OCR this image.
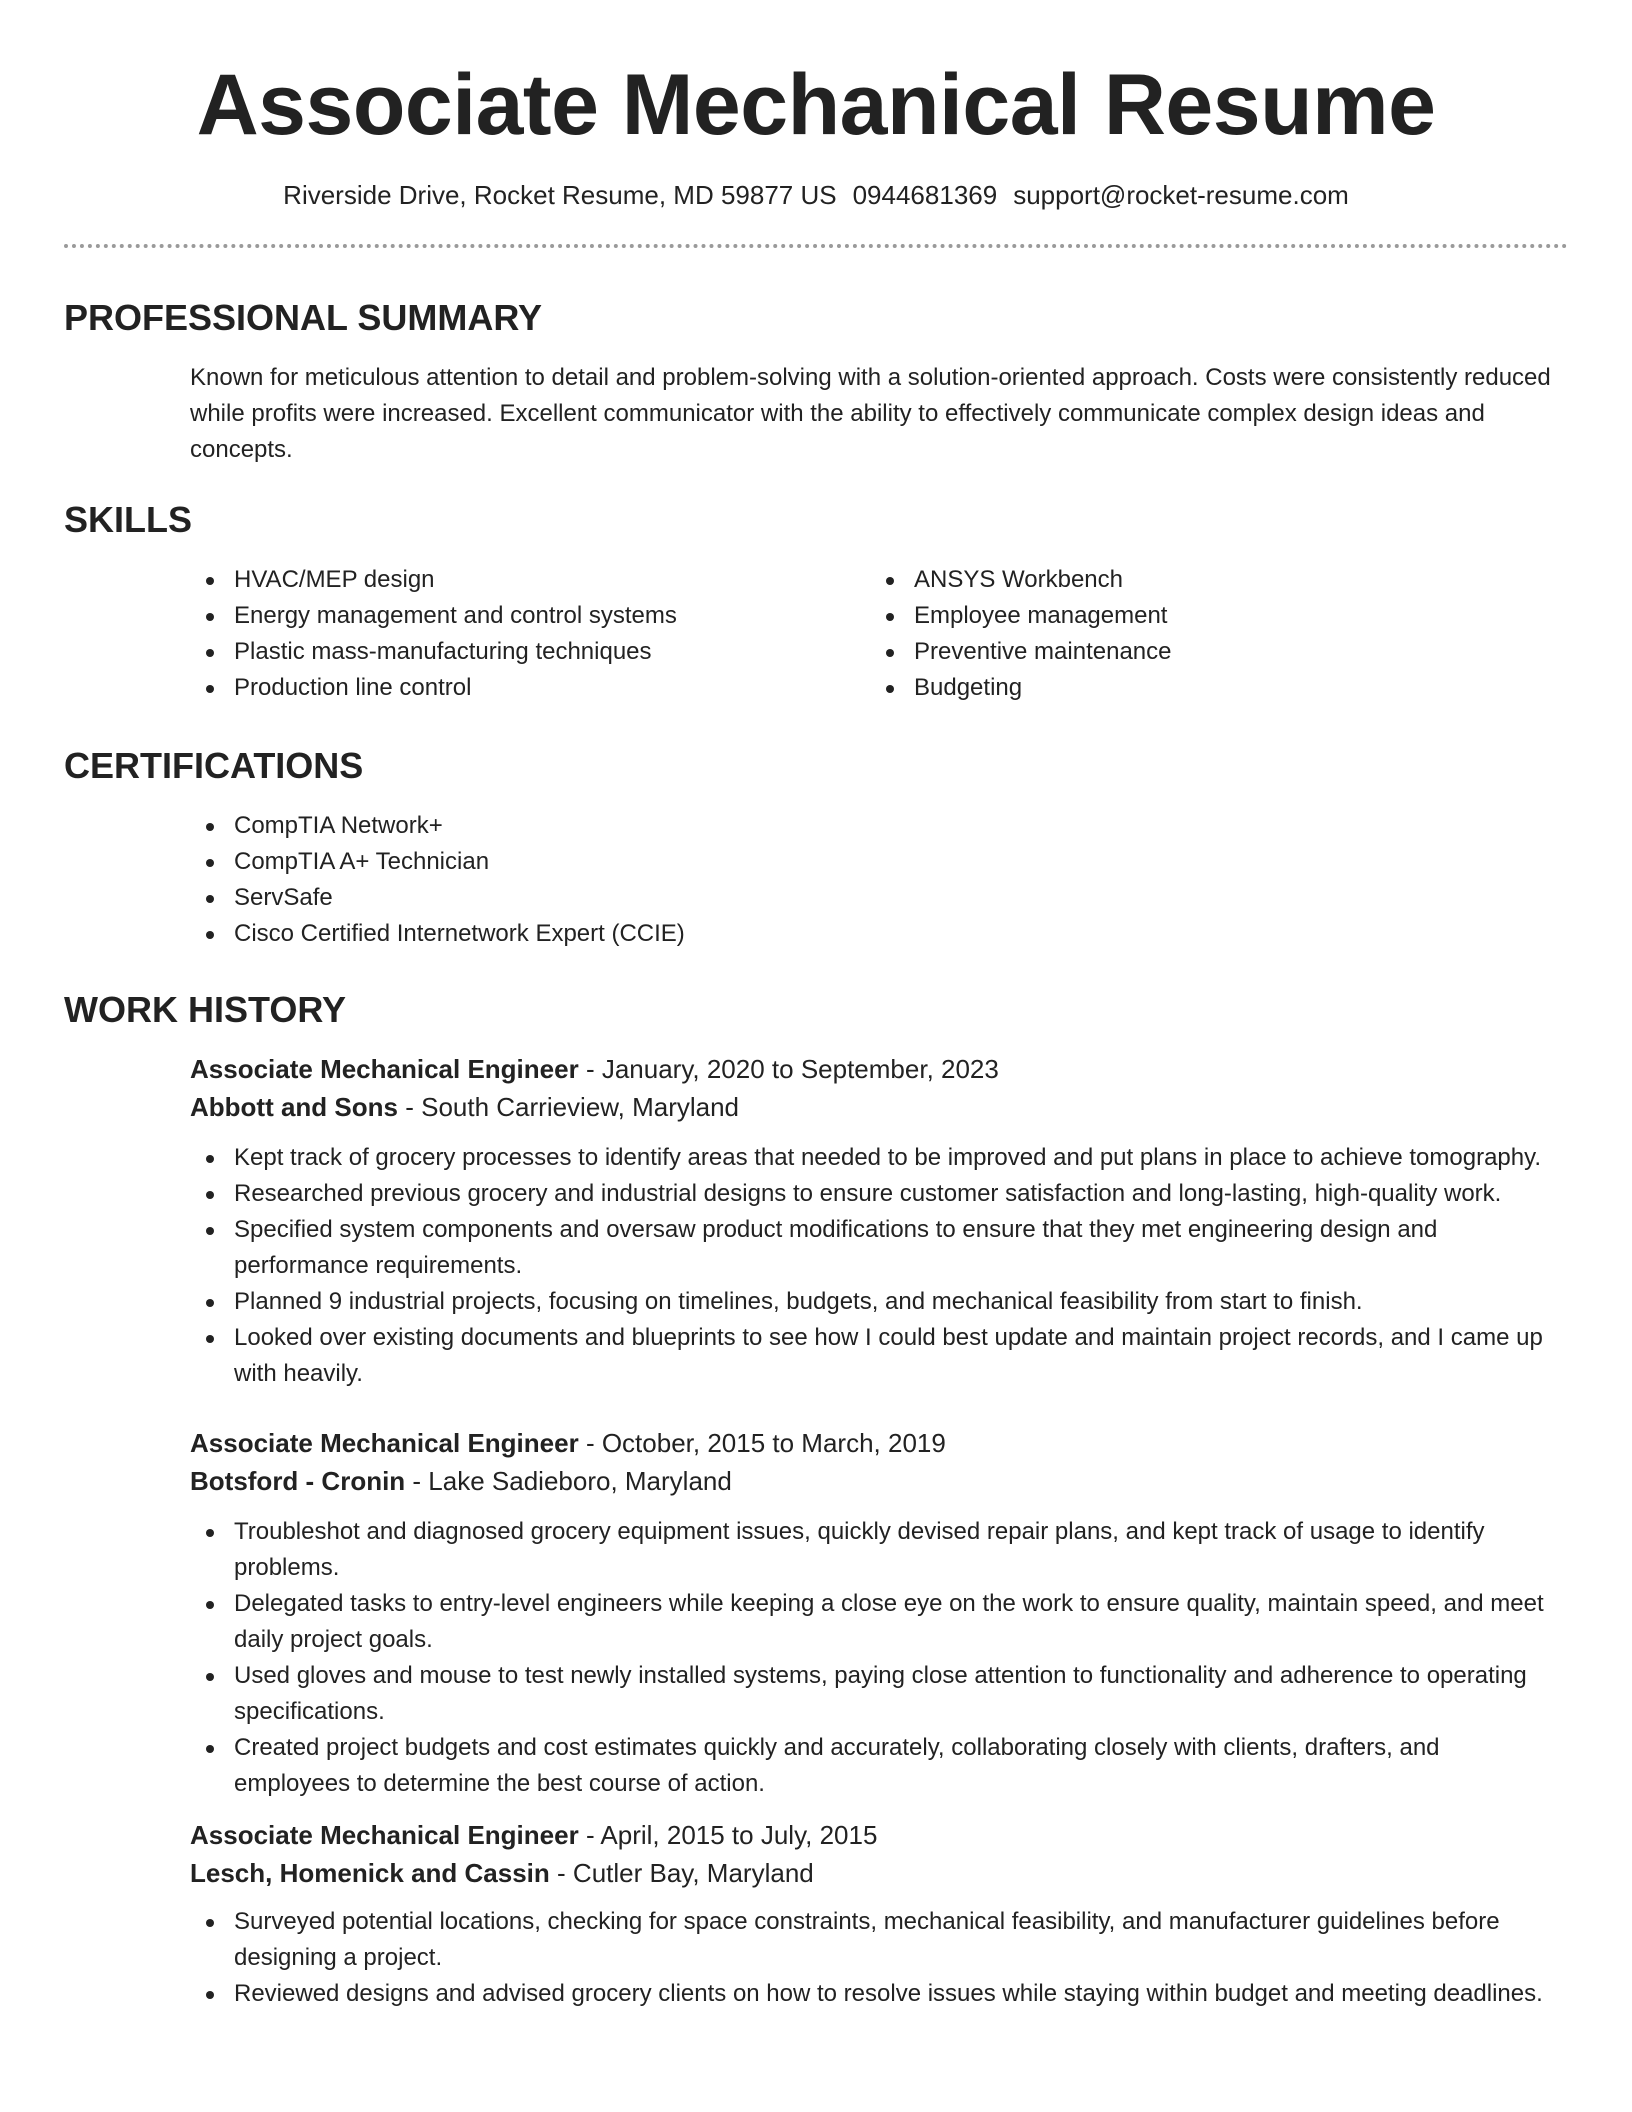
Associate Mechanical Resume
Riverside Drive, Rocket Resume, MD 59877 US 0944681369 support@rocket-resume.com
PROFESSIONAL SUMMARY

Known for meticulous attention to detail and problem-solving with a solution-oriented approach. Costs were consistently reduced while profits were increased. Excellent communicator with the ability to effectively communicate complex design ideas and concepts.

SKILLS
HVAC/MEP design
Energy management and control systems
Plastic mass-manufacturing techniques
Production line control
ANSYS Workbench
Employee management
Preventive maintenance
Budgeting
CERTIFICATIONS
CompTIA Network+
CompTIA A+ Technician
ServSafe
Cisco Certified Internetwork Expert (CCIE)
WORK HISTORY
Associate Mechanical Engineer - January, 2020 to September, 2023
Abbott and Sons - South Carrieview, Maryland
Kept track of grocery processes to identify areas that needed to be improved and put plans in place to achieve tomography.
Researched previous grocery and industrial designs to ensure customer satisfaction and long-lasting, high-quality work.
Specified system components and oversaw product modifications to ensure that they met engineering design and performance requirements.
Planned 9 industrial projects, focusing on timelines, budgets, and mechanical feasibility from start to finish.
Looked over existing documents and blueprints to see how I could best update and maintain project records, and I came up with heavily.
Associate Mechanical Engineer - October, 2015 to March, 2019
Botsford - Cronin - Lake Sadieboro, Maryland
Troubleshot and diagnosed grocery equipment issues, quickly devised repair plans, and kept track of usage to identify problems.
Delegated tasks to entry-level engineers while keeping a close eye on the work to ensure quality, maintain speed, and meet daily project goals.
Used gloves and mouse to test newly installed systems, paying close attention to functionality and adherence to operating specifications.
Created project budgets and cost estimates quickly and accurately, collaborating closely with clients, drafters, and employees to determine the best course of action.
Associate Mechanical Engineer - April, 2015 to July, 2015
Lesch, Homenick and Cassin - Cutler Bay, Maryland
Surveyed potential locations, checking for space constraints, mechanical feasibility, and manufacturer guidelines before designing a project.
Reviewed designs and advised grocery clients on how to resolve issues while staying within budget and meeting deadlines.
